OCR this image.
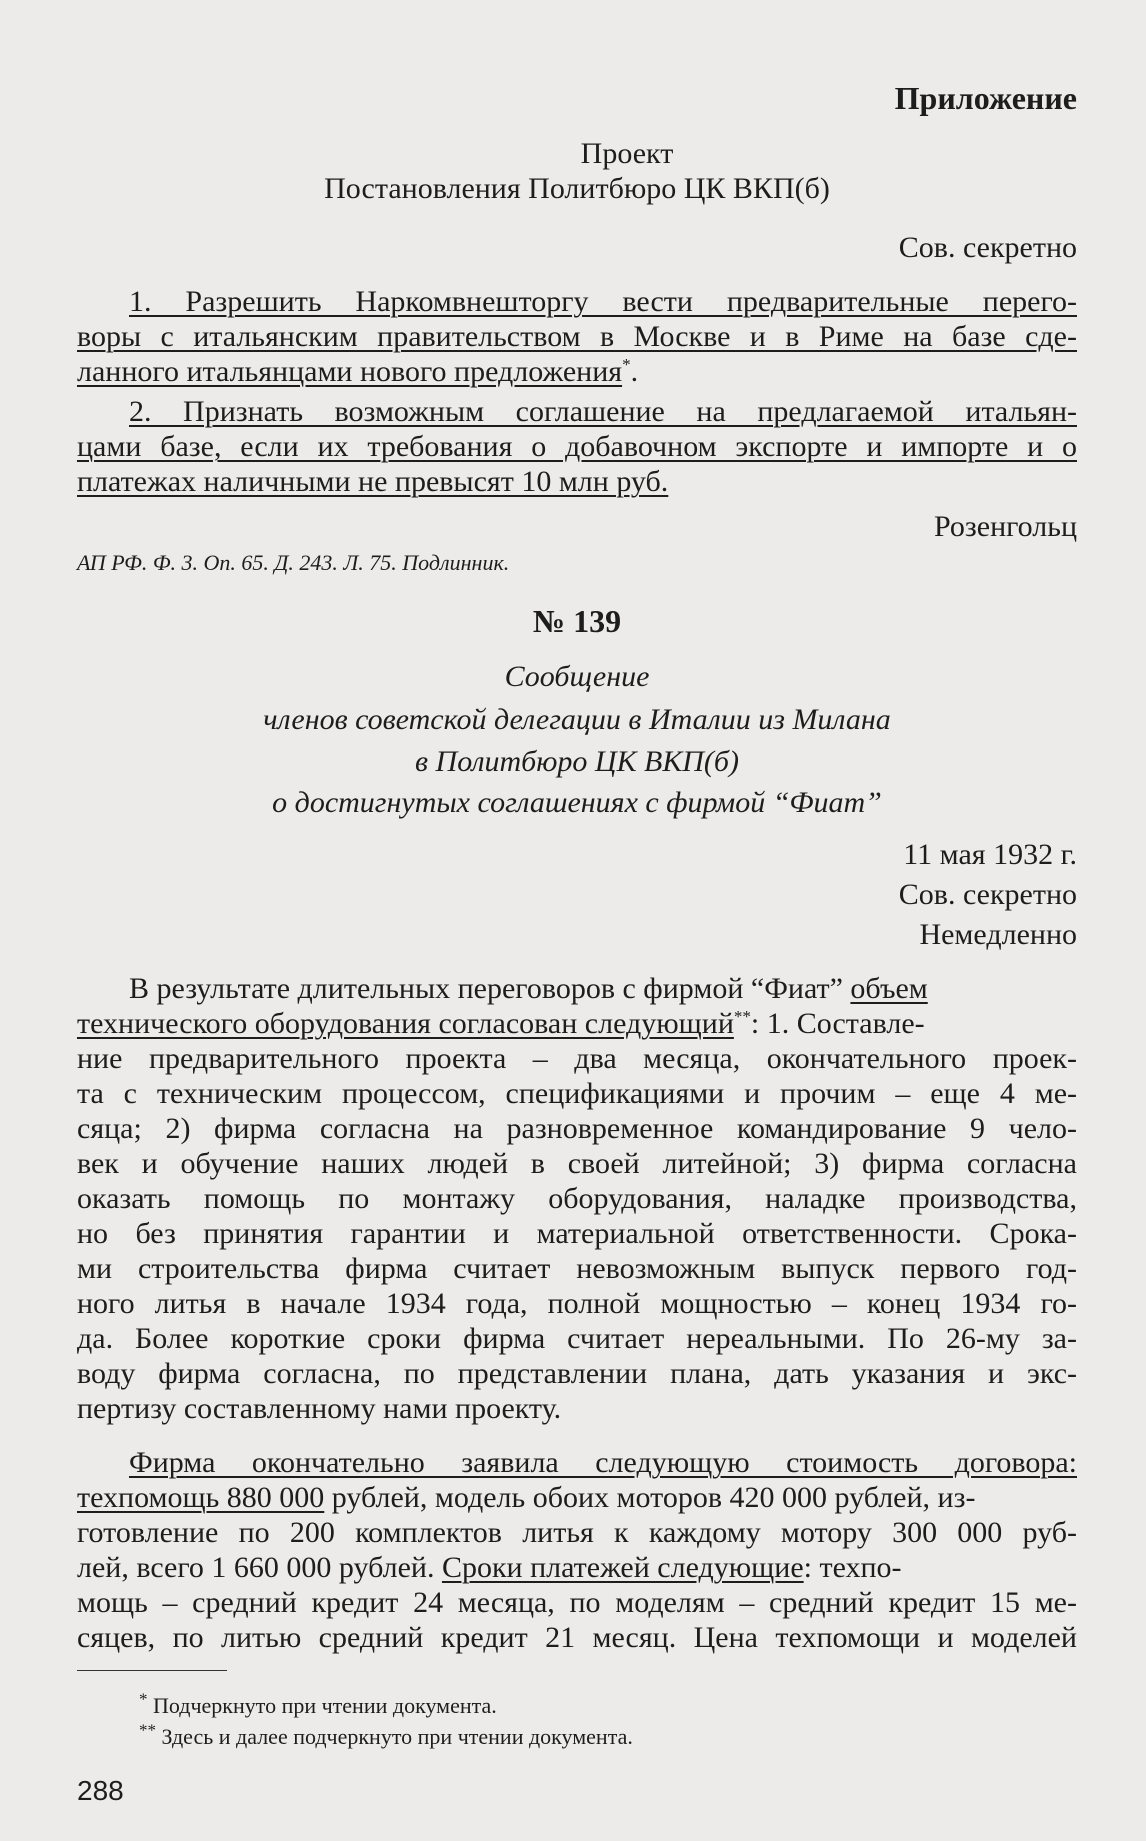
Приложение
Проект
Постановления Политбюро ЦК ВКП(б)
Сов. секретно
1. Разрешить Наркомвнешторгу вести предварительные перего-
воры с итальянским правительством в Москве и в Риме на базе сде-
ланного итальянцами нового предложения*.
2. Признать возможным соглашение на предлагаемой итальян-
цами базе, если их требования о добавочном экспорте и импорте и о
платежах наличными не превысят 10 млн руб.
Розенгольц
АП РФ. Ф. 3. Оп. 65. Д. 243. Л. 75. Подлинник.
№ 139
Сообщение
членов советской делегации в Италии из Милана
в Политбюро ЦК ВКП(б)
о достигнутых соглашениях с фирмой “Фиат”
11 мая 1932 г.
Сов. секретно
Немедленно
В результате длительных переговоров с фирмой “Фиат” объем
технического оборудования согласован следующий**: 1. Составле-
ние предварительного проекта – два месяца, окончательного проек-
та с техническим процессом, спецификациями и прочим – еще 4 ме-
сяца; 2) фирма согласна на разновременное командирование 9 чело-
век и обучение наших людей в своей литейной; 3) фирма согласна
оказать помощь по монтажу оборудования, наладке производства,
но без принятия гарантии и материальной ответственности. Срока-
ми строительства фирма считает невозможным выпуск первого год-
ного литья в начале 1934 года, полной мощностью – конец 1934 го-
да. Более короткие сроки фирма считает нереальными. По 26-му за-
воду фирма согласна, по представлении плана, дать указания и экс-
пертизу составленному нами проекту.
Фирма окончательно заявила следующую стоимость договора:
техпомощь 880 000 рублей, модель обоих моторов 420 000 рублей, из-
готовление по 200 комплектов литья к каждому мотору 300 000 руб-
лей, всего 1 660 000 рублей. Сроки платежей следующие: техпо-
мощь – средний кредит 24 месяца, по моделям – средний кредит 15 ме-
сяцев, по литью средний кредит 21 месяц. Цена техпомощи и моделей
* Подчеркнуто при чтении документа.
** Здесь и далее подчеркнуто при чтении документа.
288
